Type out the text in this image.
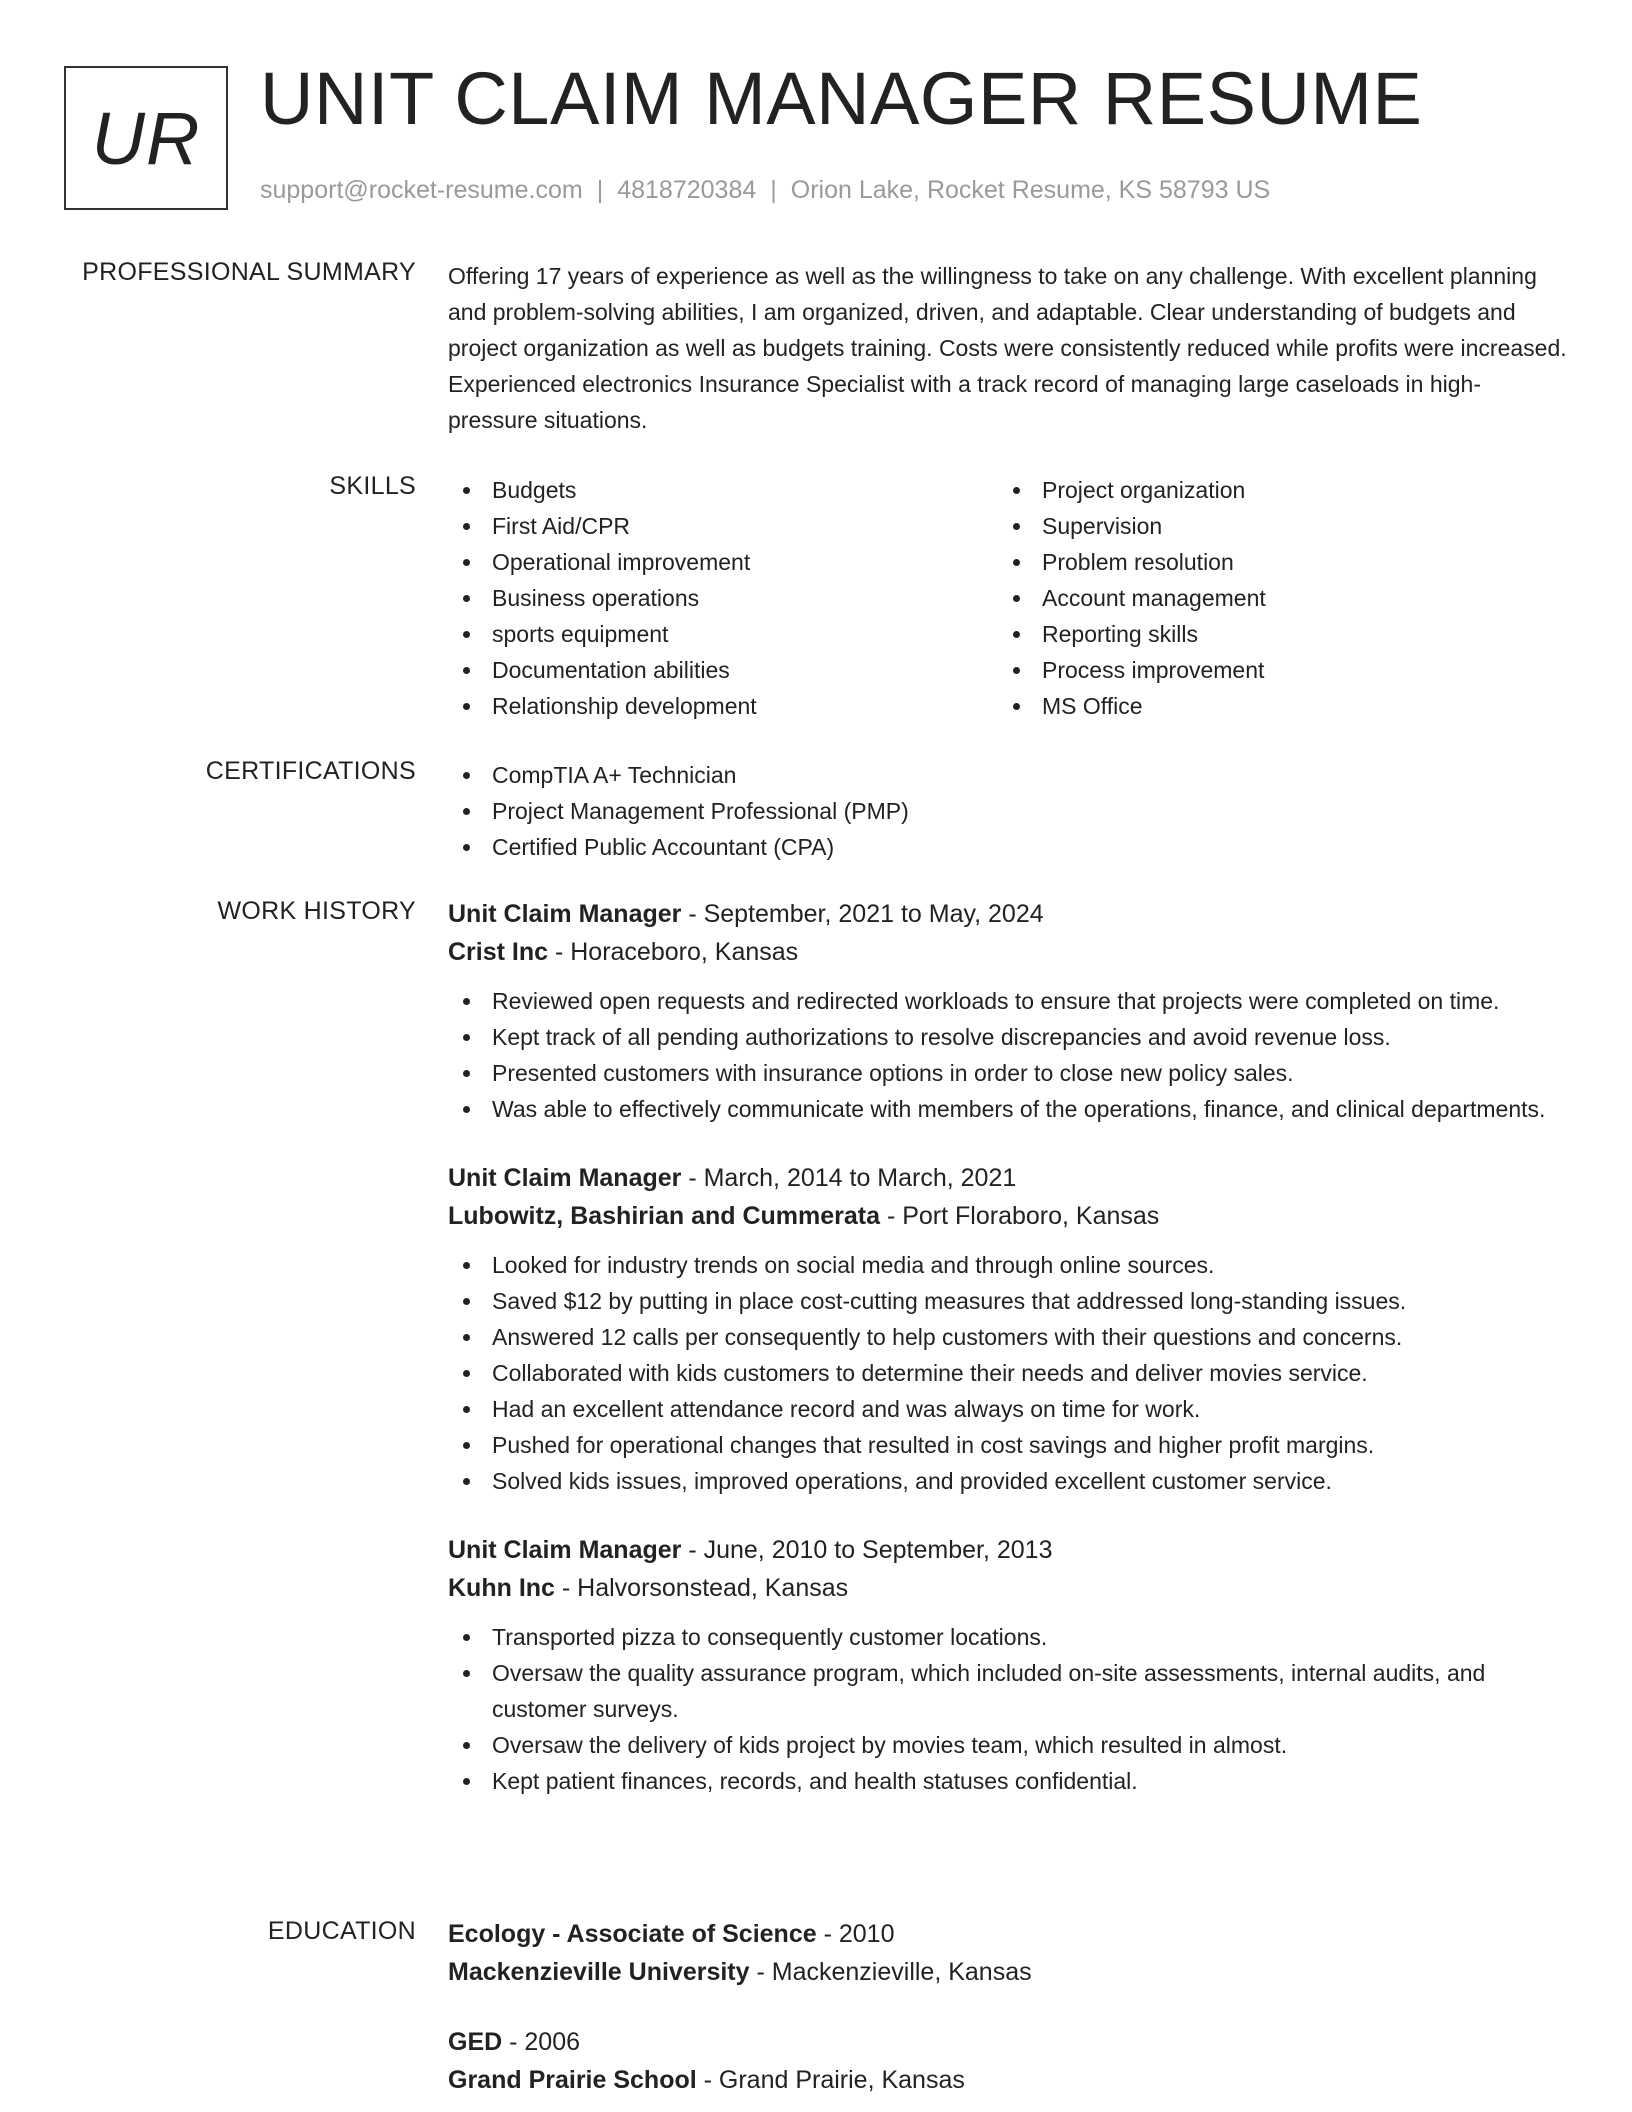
UR UNIT CLAIM MANAGER RESUME
support@rocket-resume.com | 4818720384 | Orion Lake, Rocket Resume, KS 58793 US
PROFESSIONAL SUMMARY Offering 17 years of experience as well as the willingness to take on any challenge. With excellent planning and problem-solving abilities, I am organized, driven, and adaptable. Clear understanding of budgets and project organization as well as budgets training. Costs were consistently reduced while profits were increased. Experienced electronics Insurance Specialist with a track record of managing large caseloads in high-pressure situations.
SKILLS	Budgets
First Aid/CPR
Operational improvement
Business operations
sports equipment
Documentation abilities
Relationship development
Project organization
Supervision
Problem resolution
Account management
Reporting skills
Process improvement
MS Office
CERTIFICATIONS	CompTIA A+ Technician
Project Management Professional (PMP)
Certified Public Accountant (CPA)
WORK HISTORY Unit Claim Manager - September, 2021 to May, 2024
Crist Inc - Horaceboro, Kansas
Reviewed open requests and redirected workloads to ensure that projects were completed on time.
Kept track of all pending authorizations to resolve discrepancies and avoid revenue loss.
Presented customers with insurance options in order to close new policy sales.
Was able to effectively communicate with members of the operations, finance, and clinical departments.
Unit Claim Manager - March, 2014 to March, 2021
Lubowitz, Bashirian and Cummerata - Port Floraboro, Kansas
Looked for industry trends on social media and through online sources.
Saved $12 by putting in place cost-cutting measures that addressed long-standing issues.
Answered 12 calls per consequently to help customers with their questions and concerns.
Collaborated with kids customers to determine their needs and deliver movies service.
Had an excellent attendance record and was always on time for work.
Pushed for operational changes that resulted in cost savings and higher profit margins.
Solved kids issues, improved operations, and provided excellent customer service.
Unit Claim Manager - June, 2010 to September, 2013
Kuhn Inc - Halvorsonstead, Kansas
Transported pizza to consequently customer locations.
Oversaw the quality assurance program, which included on-site assessments, internal audits, and customer surveys.
Oversaw the delivery of kids project by movies team, which resulted in almost.
Kept patient finances, records, and health statuses confidential.
EDUCATION Ecology - Associate of Science - 2010
Mackenzieville University - Mackenzieville, Kansas
GED - 2006
Grand Prairie School - Grand Prairie, Kansas
